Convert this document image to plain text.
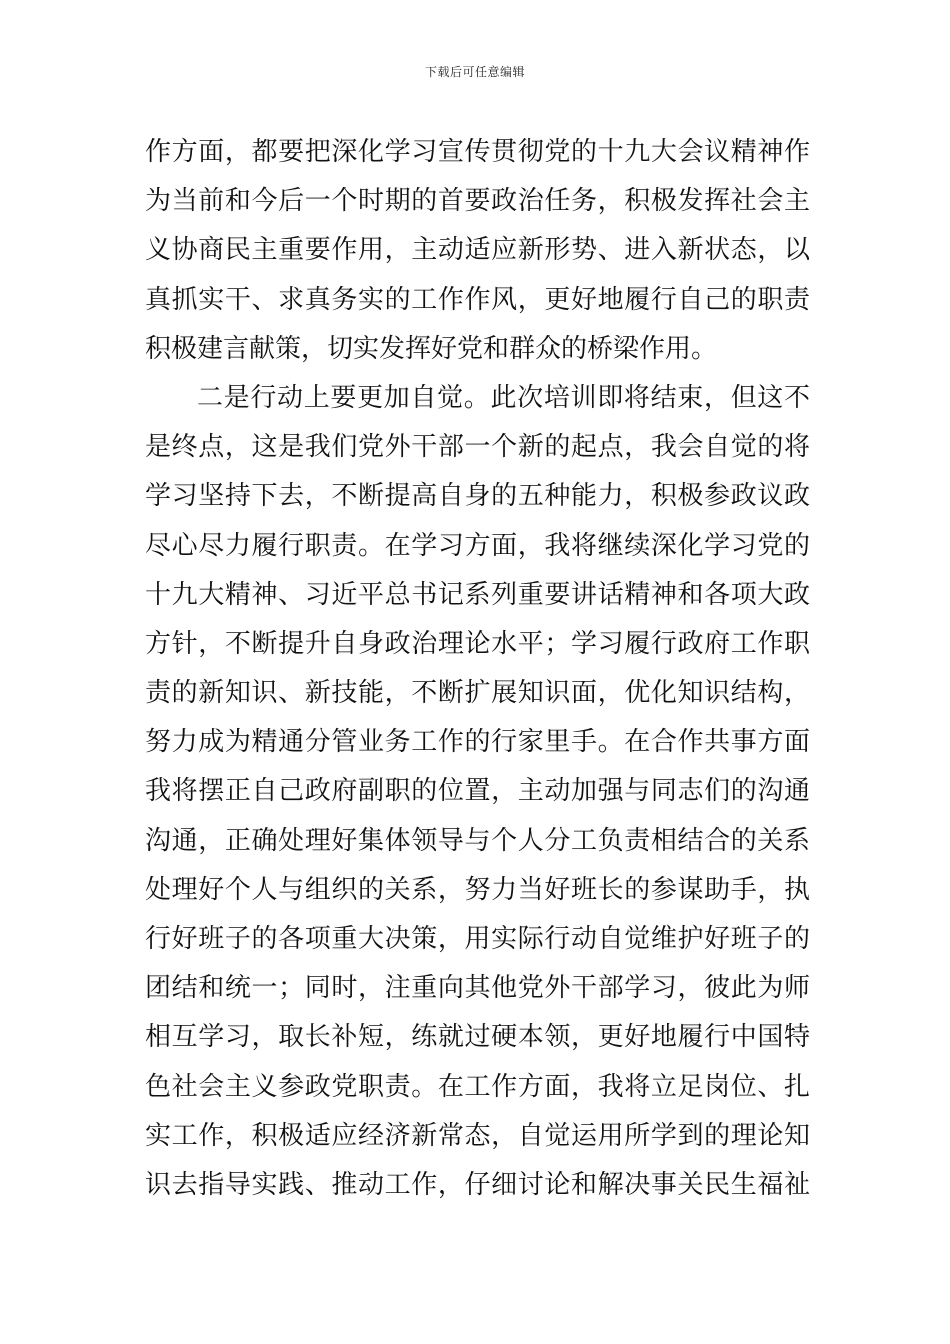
下载后可任意编辑
作方面，都要把深化学习宣传贯彻党的十九大会议精神作
为当前和今后一个时期的首要政治任务，积极发挥社会主
义协商民主重要作用，主动适应新形势、进入新状态，以
真抓实干、求真务实的工作作风，更好地履行自己的职责
积极建言献策，切实发挥好党和群众的桥梁作用。
二是行动上要更加自觉。此次培训即将结束，但这不
是终点，这是我们党外干部一个新的起点，我会自觉的将
学习坚持下去，不断提高自身的五种能力，积极参政议政
尽心尽力履行职责。在学习方面，我将继续深化学习党的
十九大精神、习近平总书记系列重要讲话精神和各项大政
方针，不断提升自身政治理论水平；学习履行政府工作职
责的新知识、新技能，不断扩展知识面，优化知识结构，
努力成为精通分管业务工作的行家里手。在合作共事方面
我将摆正自己政府副职的位置，主动加强与同志们的沟通
沟通，正确处理好集体领导与个人分工负责相结合的关系
处理好个人与组织的关系，努力当好班长的参谋助手，执
行好班子的各项重大决策，用实际行动自觉维护好班子的
团结和统一；同时，注重向其他党外干部学习，彼此为师
相互学习，取长补短，练就过硬本领，更好地履行中国特
色社会主义参政党职责。在工作方面，我将立足岗位、扎
实工作，积极适应经济新常态，自觉运用所学到的理论知
识去指导实践、推动工作，仔细讨论和解决事关民生福祉
